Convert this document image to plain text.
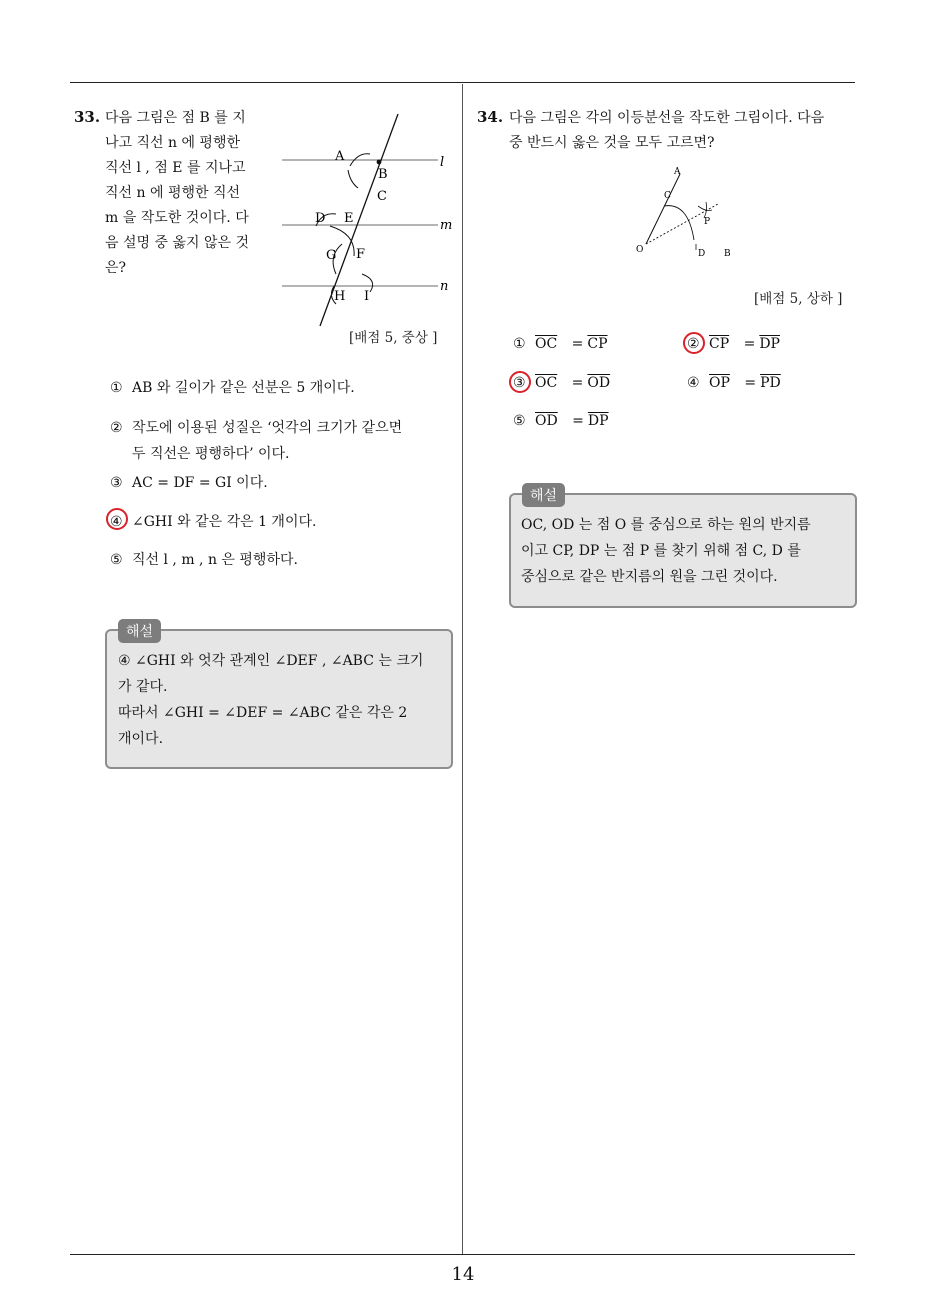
33. 다음 그림은 점 B 를 지
나고 직선 n 에 평행한
직선 l , 점 E 를 지나고
직선 n 에 평행한 직선
m 을 작도한 것이다. 다
음 설명 중 옳지 않은 것
은?
A
B
C
D E
F
G
H I
l
m
n
[배점 5, 중상 ]
① AB 와 길이가 같은 선분은 5 개이다.
② 작도에 이용된 성질은 ‘엇각의 크기가 같으면
두 직선은 평행하다’ 이다.
③ AC = DF = GI 이다.
④ ∠GHI 와 같은 각은 1 개이다.
⑤ 직선 l , m , n 은 평행하다.
해설
④ ∠GHI 와 엇각 관계인 ∠DEF , ∠ABC 는 크기
가 같다.
따라서 ∠GHI = ∠DEF = ∠ABC 같은 각은 2
개이다.
34. 다음 그림은 각의 이등분선을 작도한 그림이다. 다음
중 반드시 옳은 것을 모두 고르면?
A
C
P
O	D B
[배점 5, 상하 ]
① $\overline{OC} = \overline{CP}$	② $\overline{CP} = \overline{DP}$
③ $\overline{OC} = \overline{OD}$	④ $\overline{OP} = \overline{PD}$
⑤ $\overline{OD} = \overline{DP}$
해설
OC, OD 는 점 O 를 중심으로 하는 원의 반지름
이고 CP, DP 는 점 P 를 찾기 위해 점 C, D 를
중심으로 같은 반지름의 원을 그린 것이다.
14
